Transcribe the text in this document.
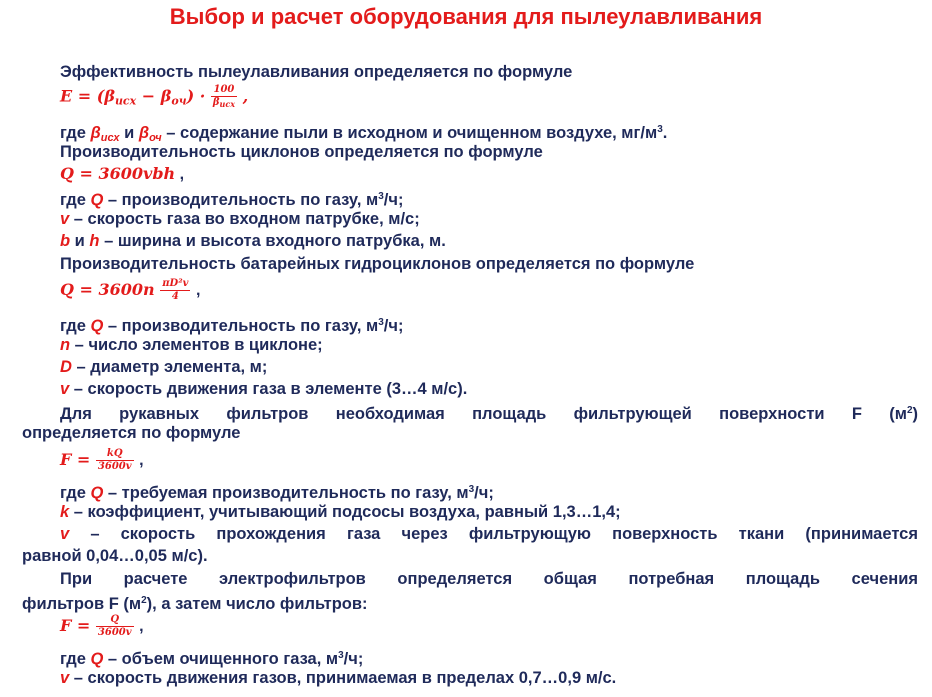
Выбор и расчет оборудования для пылеулавливания
Эффективность пылеулавливания определяется по формуле
$E = (\beta_{исх} - \beta_{оч}) \cdot \frac{100}{\beta_{исх}}$ ,
где $\beta_{исх}$ и $\beta_{оч}$ – содержание пыли в исходном и очищенном воздухе, $мг/м^3$.
Производительность циклонов определяется по формуле
Q = 3600vbh ,
где Q – производительность по газу, $м^3/ч$;
v – скорость газа во входном патрубке, м/с;
b и h – ширина и высота входного патрубка, м.
Производительность батарейных гидроциклонов определяется по формуле
$Q = 3600n \frac{\text{πD²v}}{4}$ ,
где Q – производительность по газу, $м^3/ч$;
n – число элементов в циклоне;
D – диаметр элемента, м;
v – скорость движения газа в элементе (3…4 м/с).
Для рукавных фильтров необходимая площадь фильтрующей поверхности F $(м^2)$
определяется по формуле
$F = \frac{kQ}{3600v}$ ,
где Q – требуемая производительность по газу, $м^3/ч$;
k – коэффициент, учитывающий подсосы воздуха, равный 1,3…1,4;
v – скорость прохождения газа через фильтрующую поверхность ткани (принимается
равной 0,04…0,05 м/с).
При расчете электрофильтров определяется общая потребная площадь сечения
фильтров F $(м^2)$, а затем число фильтров:
$F = \frac{Q}{3600v}$ ,
где Q – объем очищенного газа, $м^3/ч$;
v – скорость движения газов, принимаемая в пределах 0,7…0,9 м/с.
